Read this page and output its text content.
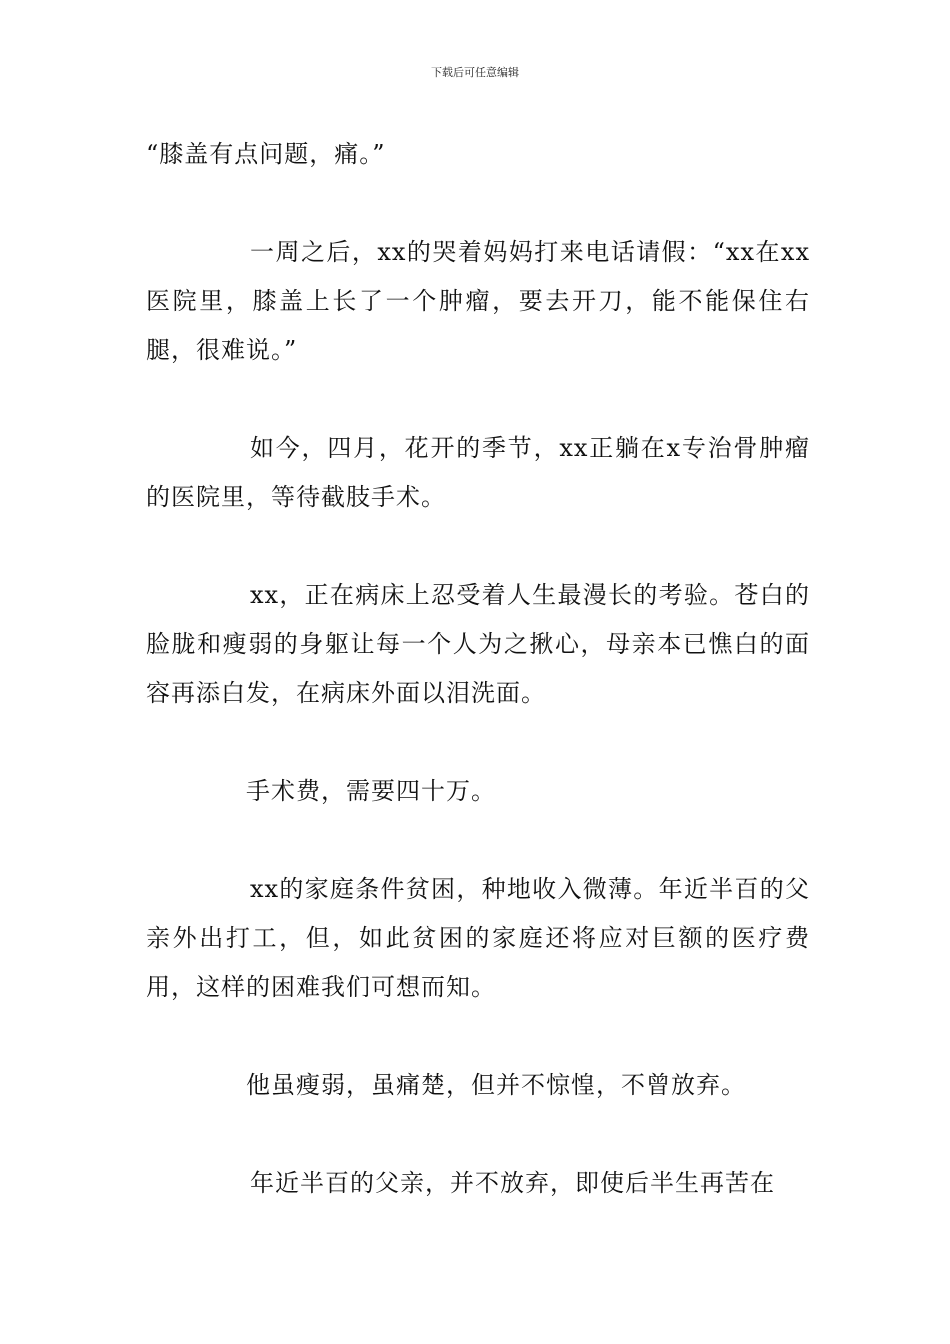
下载后可任意编辑

“膝盖有点问题，痛。”

一周之后，xx的哭着妈妈打来电话请假：“xx在xx医院里，膝盖上长了一个肿瘤，要去开刀，能不能保住右腿，很难说。”

如今，四月，花开的季节，xx正躺在x专治骨肿瘤的医院里，等待截肢手术。

xx，正在病床上忍受着人生最漫长的考验。苍白的脸胧和瘦弱的身躯让每一个人为之揪心，母亲本已憔白的面容再添白发，在病床外面以泪洗面。

手术费，需要四十万。

xx的家庭条件贫困，种地收入微薄。年近半百的父亲外出打工，但，如此贫困的家庭还将应对巨额的医疗费用，这样的困难我们可想而知。

他虽瘦弱，虽痛楚，但并不惊惶，不曾放弃。

年近半百的父亲，并不放弃，即使后半生再苦在
